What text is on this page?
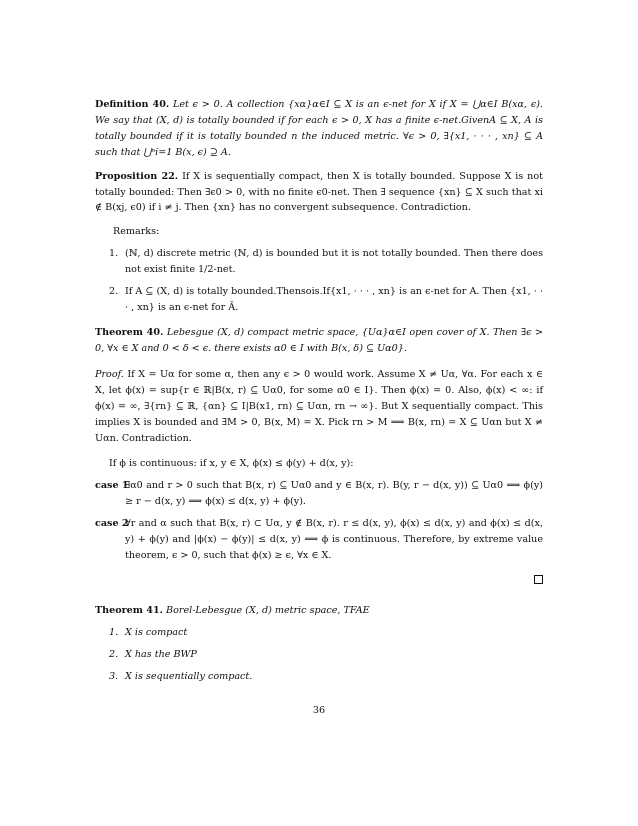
Definition 40. Let ϵ > 0. A collection {xα}α∈I ⊆ X is an ϵ-net for X if X = ⋃α∈I B(xα, ϵ). We say that (X, d) is totally bounded if for each ϵ > 0, X has a finite ϵ-net.GivenA ⊆ X, A is totally bounded if it is totally bounded n the induced metric. ∀ϵ > 0, ∃{x1, · · · , xn} ⊆ A such that ⋃ⁿi=1 B(x, ϵ) ⊇ A.

Proposition 22. If X is sequentially compact, then X is totally bounded. Suppose X is not totally bounded: Then ∃ϵ0 > 0, with no finite ϵ0-net. Then ∃ sequence {xn} ⊆ X such that xi ∉ B(xj, ϵ0) if i ≠ j. Then {xn} has no convergent subsequence. Contradiction.

Remarks:

1. (ℕ, d) discrete metric (ℕ, d) is bounded but it is not totally bounded. Then there does not exist finite 1/2-net.
2. If A ⊆ (X, d) is totally bounded.Thensois.If{x1, · · · , xn} is an ϵ-net for A. Then {x1, · · · , xn} is an ϵ-net for Ā.

Theorem 40. Lebesgue (X, d) compact metric space, {Uα}α∈I open cover of X. Then ∃ϵ > 0, ∀x ∈ X and 0 < δ < ϵ. there exists α0 ∈ I with B(x, δ) ⊆ Uα0}.

Proof. If X = Uα for some α, then any ϵ > 0 would work. Assume X ≠ Uα, ∀α. For each x ∈ X, let ϕ(x) = sup{r ∈ ℝ|B(x, r) ⊆ Uα0, for some α0 ∈ I}. Then ϕ(x) = 0. Also, ϕ(x) < ∞: if ϕ(x) = ∞, ∃{rn} ⊆ ℝ, {αn} ⊆ I|B(x1, rn) ⊆ Uαn, rn → ∞}. But X sequentially compact. This implies X is bounded and ∃M > 0, B(x, M) = X. Pick rn > M ⟹ B(x, rn) = X ⊆ Uαn but X ≠ Uαn. Contradiction.

If ϕ is continuous: if x, y ∈ X, ϕ(x) ≤ ϕ(y) + d(x, y):

case 1
∃α0 and r > 0 such that B(x, r) ⊆ Uα0 and y ∈ B(x, r). B(y, r − d(x, y)) ⊆ Uα0 ⟹ ϕ(y) ≥ r − d(x, y) ⟹ ϕ(x) ≤ d(x, y) + ϕ(y).
case 2
∀r and α such that B(x, r) ⊂ Uα, y ∉ B(x, r). r ≤ d(x, y), ϕ(x) ≤ d(x, y) and ϕ(x) ≤ d(x, y) + ϕ(y) and |ϕ(x) − ϕ(y)| ≤ d(x, y) ⟹ ϕ is continuous. Therefore, by extreme value theorem, ϵ > 0, such that ϕ(x) ≥ ϵ, ∀x ∈ X.

Theorem 41. Borel-Lebesgue (X, d) metric space, TFAE

1. X is compact
2. X has the BWP
3. X is sequentially compact.
36
